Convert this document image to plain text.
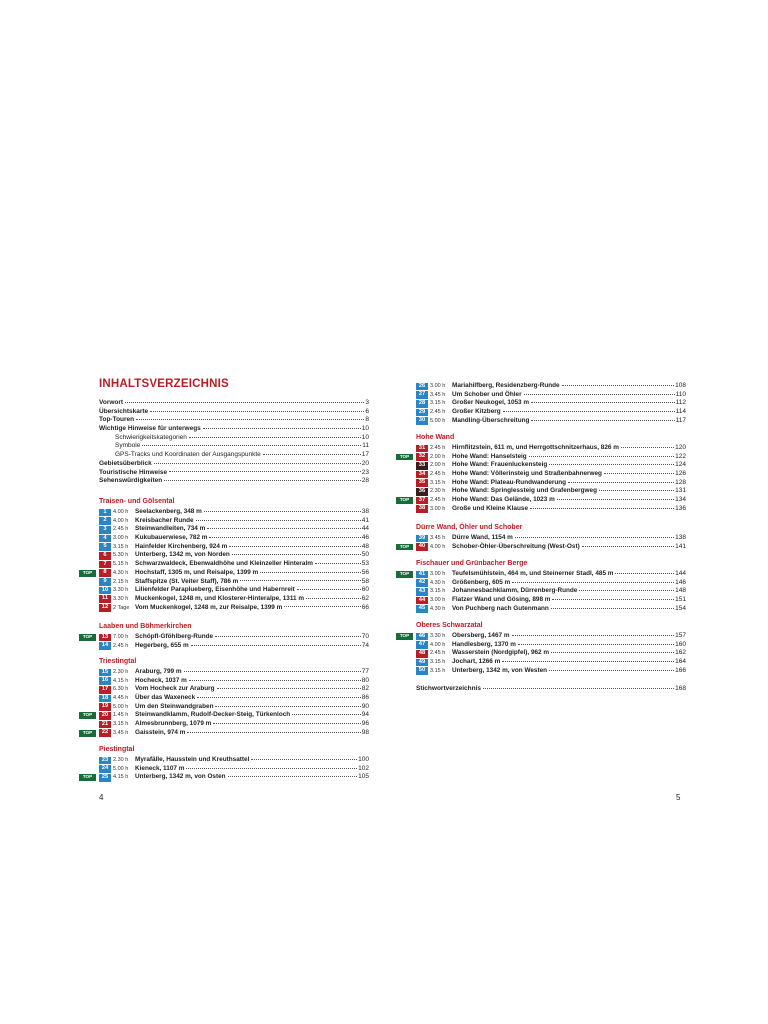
INHALTSVERZEICHNIS
Vorwort	3
Übersichtskarte	6
Top-Touren	8
Wichtige Hinweise für unterwegs	10
Schwierigkeitskategorien	10
Symbole	11
GPS-Tracks und Koordinaten der Ausgangspunkte	17
Gebietsüberblick	20
Touristische Hinweise	23
Sehenswürdigkeiten	28
Traisen- und Gölsental
1	4.00 h	Seelackenberg, 348 m	38
2	4.00 h	Kreisbacher Runde	41
3	2.45 h	Steinwandleiten, 734 m	44
4	3.00 h	Kukubauerwiese, 782 m	46
5	3.15 h	Hainfelder Kirchenberg, 924 m	48
6	5.30 h	Unterberg, 1342 m, von Norden	50
7	5.15 h	Schwarzwaldeck, Ebenwaldhöhe und Kleinzeller Hinteralm	53
TOP	8	4.30 h	Hochstaff, 1305 m, und Reisalpe, 1399 m	56
9	2.15 h	Staffspitze (St. Veiter Staff), 786 m	58
10 3.30 h	Lilienfelder Paraplueberg, Eisenhöhe und Habernreit	60
11 3.30 h	Muckenkogel, 1248 m, und Klosterer-Hinteralpe, 1311 m	62
12 2 Tage Vom Muckenkogel, 1248 m, zur Reisalpe, 1399 m	66
Laaben und Böhmerkirchen
TOP	13 7.00 h	Schöpfl-Gföhlberg-Runde	70
14 2.45 h	Hegerberg, 655 m	74
Triestingtal
15 2.30 h	Araburg, 799 m	77
16 4.15 h	Hocheck, 1037 m	80
17 6.30 h	Vom Hocheck zur Araburg	82
18 4.45 h	Über das Waxeneck	86
19 5.00 h	Um den Steinwandgraben	90
TOP	20 1.45 h	Steinwandklamm, Rudolf-Decker-Steig, Türkenloch	94
21 3.15 h	Almesbrunnberg, 1079 m	96
TOP	22 3.45 h	Gaisstein, 974 m	98
Piestingtal
23 2.30 h	Myrafälle, Hausstein und Kreuthsattel	100
24 5.00 h	Kieneck, 1107 m	102
TOP	25 4.15 h	Unterberg, 1342 m, von Osten	105
26 3.00 h	Mariahilfberg, Residenzberg-Runde	108
27 3.45 h	Um Schober und Öhler	110
28 3.15 h	Großer Neukogel, 1053 m	112
29 2.45 h	Großer Kitzberg	114
30 5.00 h	Mandling-Überschreitung	117
Hohe Wand
31 2.45 h	Hirnflitzstein, 611 m, und Herrgottschnitzerhaus, 826 m	120
TOP	32 2.00 h	Hohe Wand: Hanselsteig	122
33 2.00 h	Hohe Wand: Frauenluckensteig	124
34 2.45 h	Hohe Wand: Völlerinsteig und Straßenbahnerweg	126
35 3.15 h	Hohe Wand: Plateau-Rundwanderung	128
36 2.30 h	Hohe Wand: Springlessteig und Grafenbergweg	131
TOP	37 2.45 h	Hohe Wand: Das Gelände, 1023 m	134
38 3.00 h	Große und Kleine Klause	136
Dürre Wand, Öhler und Schober
39 3.45 h	Dürre Wand, 1154 m	138
TOP	40 4.00 h	Schober-Öhler-Überschreitung (West-Ost)	141
Fischauer und Grünbacher Berge
TOP	41 3.00 h	Teufelsmühlstein, 464 m, und Steinerner Stadl, 485 m	144
42 4.30 h	Größenberg, 605 m	146
43 3.15 h	Johannesbachklamm, Dürrenberg-Runde	148
44 3.00 h	Flatzer Wand und Gösing, 898 m	151
45 4.30 h	Von Puchberg nach Gutenmann	154
Oberes Schwarzatal
TOP	46 3.30 h	Obersberg, 1467 m	157
47 4.00 h	Handlesberg, 1370 m	160
48 2.45 h	Wasserstein (Nordgipfel), 962 m	162
49 3.15 h	Jochart, 1266 m	164
50 3.15 h	Unterberg, 1342 m, von Westen	166
Stichwortverzeichnis	168
4	5
